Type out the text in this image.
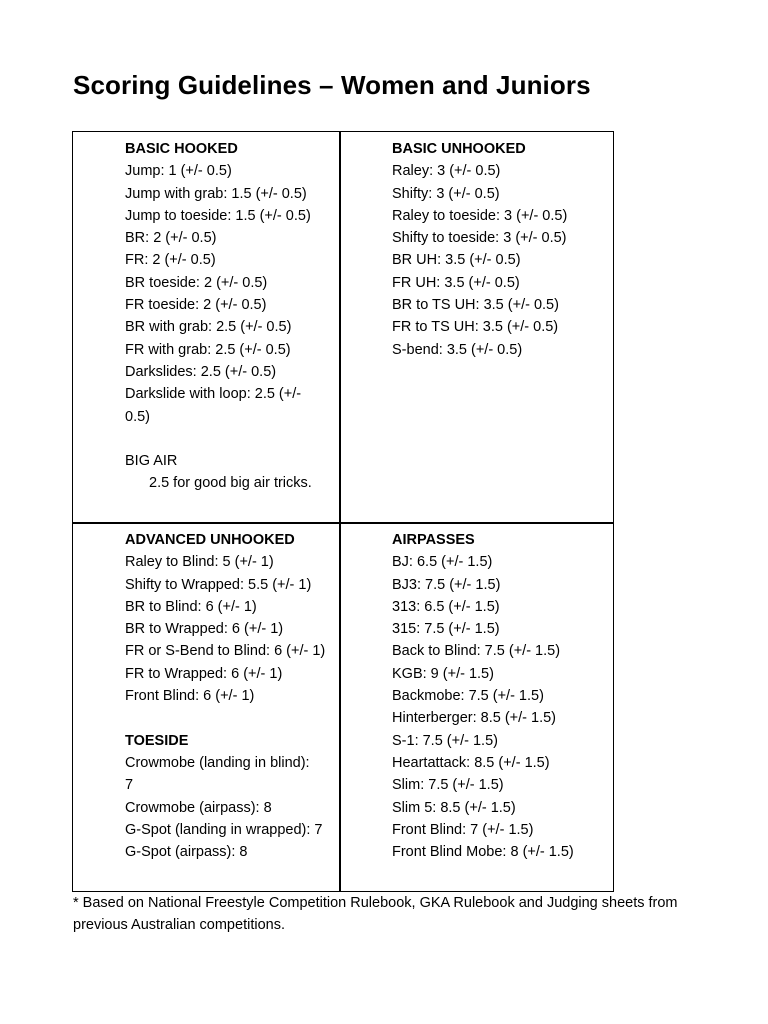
Scoring Guidelines – Women and Juniors
BASIC HOOKED
Jump: 1 (+/- 0.5)
Jump with grab: 1.5 (+/- 0.5)
Jump to toeside: 1.5 (+/- 0.5)
BR: 2 (+/- 0.5)
FR: 2 (+/- 0.5)
BR toeside: 2 (+/- 0.5)
FR toeside: 2 (+/- 0.5)
BR with grab: 2.5 (+/- 0.5)
FR with grab: 2.5 (+/- 0.5)
Darkslides: 2.5 (+/- 0.5)
Darkslide with loop: 2.5 (+/-
0.5)
BIG AIR
2.5 for good big air tricks.
BASIC UNHOOKED
Raley: 3 (+/- 0.5)
Shifty: 3 (+/- 0.5)
Raley to toeside: 3 (+/- 0.5)
Shifty to toeside: 3 (+/- 0.5)
BR UH: 3.5 (+/- 0.5)
FR UH: 3.5 (+/- 0.5)
BR to TS UH: 3.5 (+/- 0.5)
FR to TS UH: 3.5 (+/- 0.5)
S-bend: 3.5 (+/- 0.5)
ADVANCED UNHOOKED
Raley to Blind: 5 (+/- 1)
Shifty to Wrapped: 5.5 (+/- 1)
BR to Blind: 6 (+/- 1)
BR to Wrapped: 6 (+/- 1)
FR or S-Bend to Blind: 6 (+/- 1)
FR to Wrapped: 6 (+/- 1)
Front Blind: 6 (+/- 1)
TOESIDE
Crowmobe (landing in blind):
7
Crowmobe (airpass): 8
G-Spot (landing in wrapped): 7
G-Spot (airpass): 8
AIRPASSES
BJ: 6.5 (+/- 1.5)
BJ3: 7.5 (+/- 1.5)
313: 6.5 (+/- 1.5)
315: 7.5 (+/- 1.5)
Back to Blind: 7.5 (+/- 1.5)
KGB: 9 (+/- 1.5)
Backmobe: 7.5 (+/- 1.5)
Hinterberger: 8.5 (+/- 1.5)
S-1: 7.5 (+/- 1.5)
Heartattack: 8.5 (+/- 1.5)
Slim: 7.5 (+/- 1.5)
Slim 5: 8.5 (+/- 1.5)
Front Blind: 7 (+/- 1.5)
Front Blind Mobe: 8 (+/- 1.5)
* Based on National Freestyle Competition Rulebook, GKA Rulebook and Judging sheets from previous Australian competitions.
